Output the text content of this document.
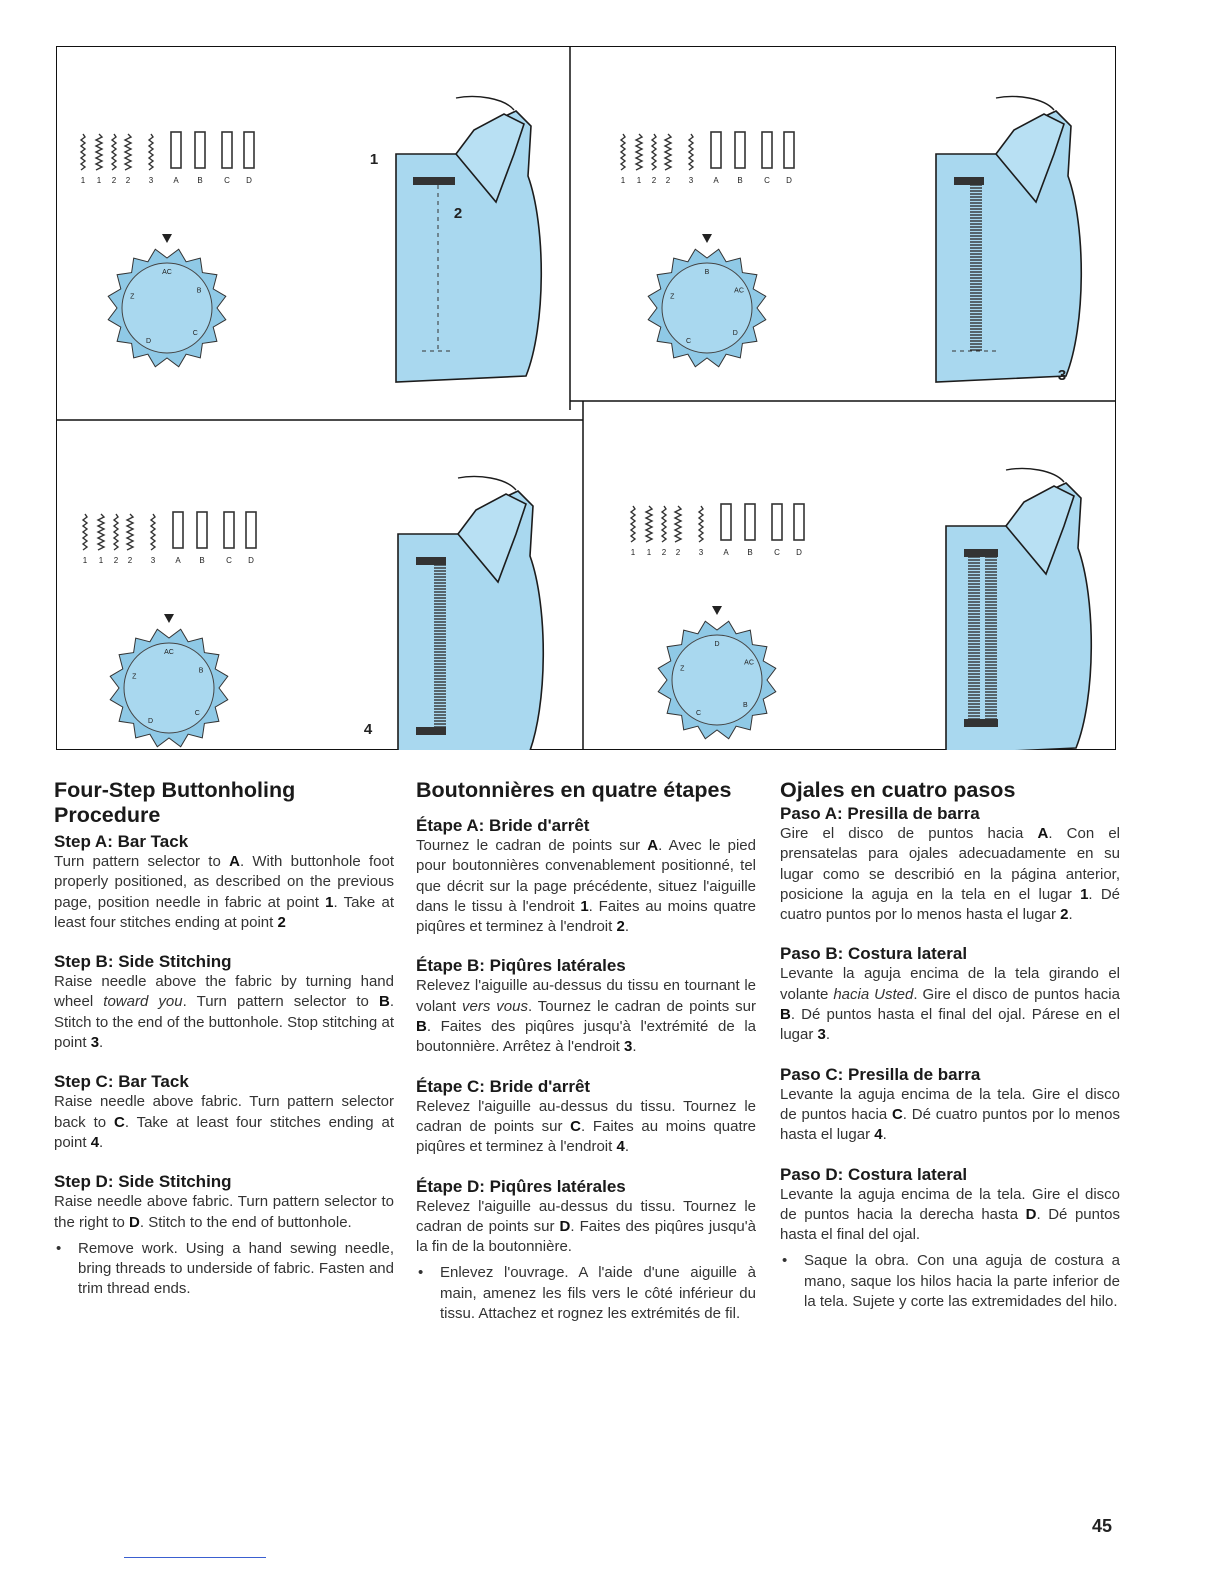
1 1 2 2 3	A B	C D
AC
B
C
D
Z
1
2
1 1 2 2 3	A B	C D
B
AC
D
C
Z
3
1 1 2 2 3	A B	C D
AC
B
C
D
Z
4
1 1 2 2 3	A B	C D
D
AC
B
C
Z
Four-Step Buttonholing Procedure
Step A: Bar Tack

Turn pattern selector to A. With buttonhole foot properly positioned, as described on the previous page, position needle in fabric at point 1. Take at least four stitches ending at point 2

Step B: Side Stitching

Raise needle above the fabric by turning hand wheel toward you. Turn pattern selector to B. Stitch to the end of the buttonhole. Stop stitching at point 3.

Step C: Bar Tack

Raise needle above fabric. Turn pattern selector back to C. Take at least four stitches ending at point 4.

Step D: Side Stitching

Raise needle above fabric. Turn pattern selector to the right to D. Stitch to the end of buttonhole.

• Remove work. Using a hand sewing needle, bring threads to underside of fabric. Fasten and trim thread ends.
Boutonnières en quatre étapes
Étape A: Bride d'arrêt

Tournez le cadran de points sur A. Avec le pied pour boutonnières convenablement positionné, tel que décrit sur la page précédente, situez l'aiguille dans le tissu à l'endroit 1. Faites au moins quatre piqûres et terminez à l'endroit 2.

Étape B: Piqûres latérales

Relevez l'aiguille au-dessus du tissu en tournant le volant vers vous. Tournez le cadran de points sur B. Faites des piqûres jusqu'à l'extrémité de la boutonnière. Arrêtez à l'endroit 3.

Étape C: Bride d'arrêt

Relevez l'aiguille au-dessus du tissu. Tournez le cadran de points sur C. Faites au moins quatre piqûres et terminez à l'endroit 4.

Étape D: Piqûres latérales

Relevez l'aiguille au-dessus du tissu. Tournez le cadran de points sur D. Faites des piqûres jusqu'à la fin de la boutonnière.

• Enlevez l'ouvrage. A l'aide d'une aiguille à main, amenez les fils vers le côté inférieur du tissu. Attachez et rognez les extrémités de fil.
Ojales en cuatro pasos
Paso A: Presilla de barra

Gire el disco de puntos hacia A. Con el prensatelas para ojales adecuadamente en su lugar como se describió en la página anterior, posicione la aguja en la tela en el lugar 1. Dé cuatro puntos por lo menos hasta el lugar 2.

Paso B: Costura lateral

Levante la aguja encima de la tela girando el volante hacia Usted. Gire el disco de puntos hacia B. Dé puntos hasta el final del ojal. Párese en el lugar 3.

Paso C: Presilla de barra

Levante la aguja encima de la tela. Gire el disco de puntos hacia C. Dé cuatro puntos por lo menos hasta el lugar 4.

Paso D: Costura lateral

Levante la aguja encima de la tela. Gire el disco de puntos hacia la derecha hasta D. Dé puntos hasta el final del ojal.

• Saque la obra. Con una aguja de costura a mano, saque los hilos hacia la parte inferior de la tela. Sujete y corte las extremidades del hilo.
45
